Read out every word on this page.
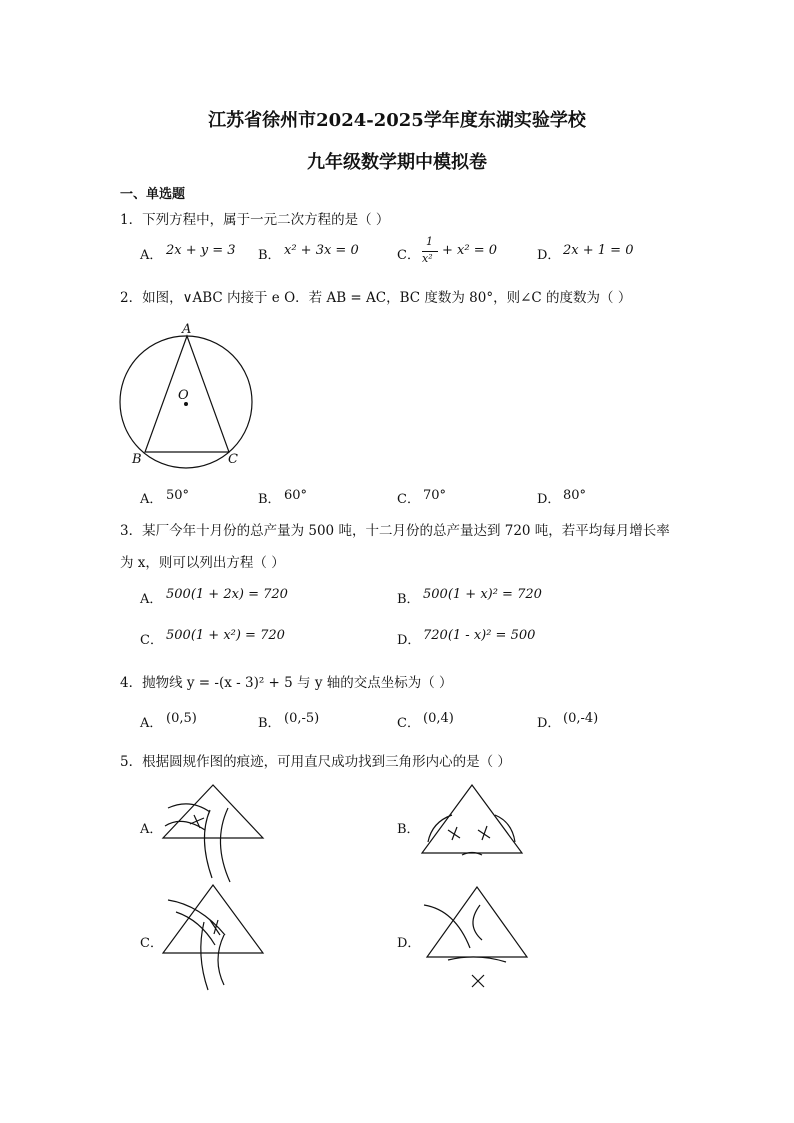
江苏省徐州市2024-2025学年度东湖实验学校
九年级数学期中模拟卷
一、单选题
1．下列方程中，属于一元二次方程的是（ ）
A． 2x + y = 3 B． x² + 3x = 0	C．
1
x²
+ x² = 0	D． 2x + 1 = 0
2．如图，∨ABC 内接于 e O．若 AB = AC，BC 度数为 80°，则∠C 的度数为（ ）
A
O
B	C
A． 50°	B． 60°	C． 70°	D． 80°
3．某厂今年十月份的总产量为 500 吨，十二月份的总产量达到 720 吨，若平均每月增长率
为 x，则可以列出方程（ ）
A． 500(1 + 2x) = 720	B． 500(1 + x)² = 720
C． 500(1 + x²) = 720	D． 720(1 - x)² = 500
4．抛物线 y = -(x - 3)² + 5 与 y 轴的交点坐标为（ ）
A． (0,5)	B． (0,-5)	C． (0,4)	D． (0,-4)
5．根据圆规作图的痕迹，可用直尺成功找到三角形内心的是（ ）
A．	B．
C．	D．
